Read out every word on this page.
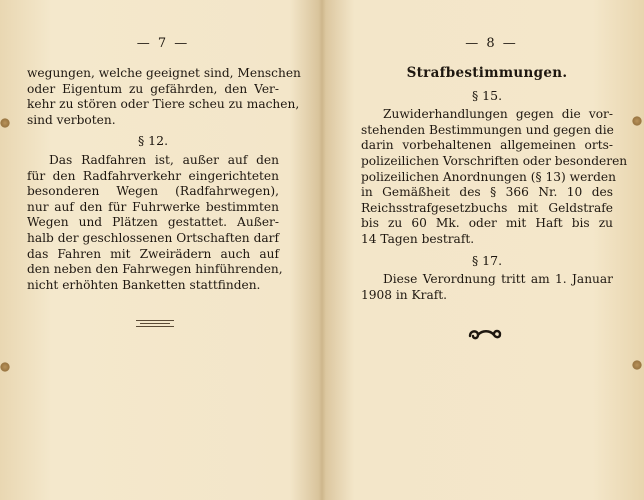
— 7 —
wegungen, welche geeignet sind, Menschen
oder Eigentum zu gefährden, den Ver-
kehr zu stören oder Tiere scheu zu machen,
sind verboten.
§ 12.
Das Radfahren ist, außer auf den
für den Radfahrverkehr eingerichteten
besonderen Wegen (Radfahrwegen),
nur auf den für Fuhrwerke bestimmten
Wegen und Plätzen gestattet. Außer-
halb der geschlossenen Ortschaften darf
das Fahren mit Zweirädern auch auf
den neben den Fahrwegen hinführenden,
nicht erhöhten Banketten stattfinden.
— 8 —
Strafbestimmungen.
§ 15.
Zuwiderhandlungen gegen die vor-
stehenden Bestimmungen und gegen die
darin vorbehaltenen allgemeinen orts-
polizeilichen Vorschriften oder besonderen
polizeilichen Anordnungen (§ 13) werden
in Gemäßheit des § 366 Nr. 10 des
Reichsstrafgesetzbuchs mit Geldstrafe
bis zu 60 Mk. oder mit Haft bis zu
14 Tagen bestraft.
§ 17.
Diese Verordnung tritt am 1. Januar
1908 in Kraft.
